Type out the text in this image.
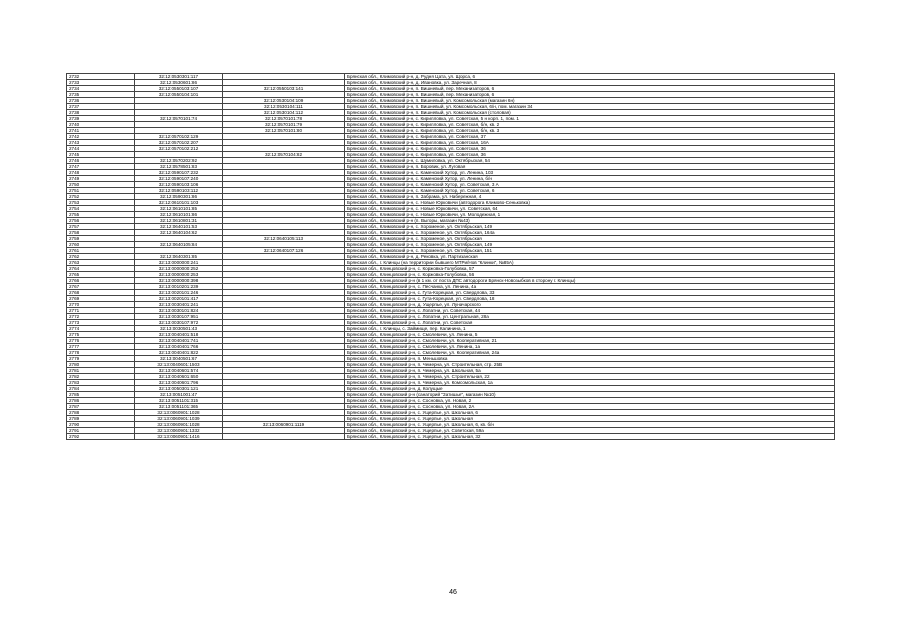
2732	32:12:0530301:117		Брянская обл., Климовский р-н, д. Рудня Цата, ул. Щорса, 6
2733	32:12:0530601:86		Брянская обл., Климовский р-н, д. Ивановка, ул. Заречная, 8
2734	32:12:0550103:107	32:12:0550103:141	Брянская обл., Климовский р-н, п. Вишневый, пер. Механизаторов, 6
2735	32:12:0550104:101		Брянская обл., Климовский р-н, п. Вишневый, пер. Механизаторов, 6
2736		32:12:0530104:109	Брянская обл., Климовский р-н, п. Вишневый, ул. Комсомольская (магазин 6н)
2737		32:12:0530104:111	Брянская обл., Климовский р-н, п. Вишневый, ул. Комсомольская, 6/н, пом. магазин 34
2738		32:12:0530104:112	Брянская обл., Климовский р-н, п. Вишневый, ул. Комсомольская (столовая)
2739	32:12:0570101:74	32:12:0570101:78	Брянская обл., Климовский р-н, с. Кирилловка, ул. Советская, 5 н корп. 1, пом. 1
2740		32:12:0570101:79	Брянская обл., Климовский р-н, с. Кирилловка, ул. Советская, б/н, кв. 2
2741		32:12:0570101:80	Брянская обл., Климовский р-н, с. Кирилловка, ул. Советская, б/н, кв. 3
2742	32:12:0570102:129		Брянская обл., Климовский р-н, с. Кирилловка, ул. Советская, 37
2743	32:12:0570102:207		Брянская обл., Климовский р-н, с. Кирилловка, ул. Советская, 16А
2744	32:12:0570102:212		Брянская обл., Климовский р-н, с. Кирилловка, ул. Советская, 36
2745		32:12:0570104:82	Брянская обл., Климовский р-н, с. Кирилловка, ул. Советская, 36
2746	32:12:0570202:92		Брянская обл., Климовский р-н, с. Шумиловка, ул. Октябрьская, 54
2747	32:12:0578501:83		Брянская обл., Климовский р-н, п. Боровик, ул. Луговая
2748	32:12:0590107:232		Брянская обл., Климовский р-н, с. Каменский Хутор, ул. Ленина, 103
2749	32:12:0590107:240		Брянская обл., Климовский р-н, с. Каменский Хутор, ул. Ленина, б/н
2750	32:12:0590103:106		Брянская обл., Климовский р-н, с. Каменский Хутор, ул. Советская, 3 А
2751	32:12:0590103:112		Брянская обл., Климовский р-н, с. Каменский Хутор, ул. Советская, 6
2752	32:12:0590301:86		Брянская обл., Климовский р-н, п. Забрама, ул. Набережная, 4
2753	32:12:0610101:103		Брянская обл., Климовский р-н, с. Новые Юрковичи (автодорога Климово-Сеньковка)
2754	32:12:0610101:85		Брянская обл., Климовский р-н, с. Новые Юрковичи, ул. Советская, 64
2755	32:12:0610101:86		Брянская обл., Климовский р-н, с. Новые Юрковичи, ул. Молодежная, 1
2756	32:12:0610801:31		Брянская обл., Климовский р-н (п. Выгоры, магазин №43)
2757	32:12:0640101:53		Брянская обл., Климовский р-н, с. Хороменое, ул. Октябрьская, 149
2758	32:12:0640104:62		Брянская обл., Климовский р-н, с. Хороменое, ул. Октябрьская, 164а
2759		32:12:0640105:113	Брянская обл., Климовский р-н, с. Хороменое, ул. Октябрьская
2760	32:12:0640105:84		Брянская обл., Климовский р-н, с. Хороменое, ул. Октябрьская, 149
2761		32:12:0640107:126	Брянская обл., Климовский р-н, с. Хороменое, ул. Октябрьская, 151
2762	32:12:0640301:85		Брянская обл., Климовский р-н, д. Рековка, ул. Партизанская
2763	32:13:0000000:241		Брянская обл., г. Клинцы (на территории бывшего МТРи/Нов "Клинки", №85А)
2764	32:13:0000000:252		Брянская обл., Клинцовский р-н, с. Коржовка-Голубовка, 57
2765	32:13:0000000:253		Брянская обл., Клинцовский р-н, с. Коржовка-Голубовка, 56
2766	32:13:0000000:398		Брянская обл., Клинцовский р-н (в 1 км. от поста ДПС автодороги Брянск-Новозыбков в сторону г. Клинцы)
2767	32:13:0010201:239		Брянская обл., Клинцовский р-н, с. Песчанка, ул. Ленина, 4а
2768	32:13:0020101:246		Брянская обл., Клинцовский р-н, с. Гута-Корецкая, ул. Свердлова, 33
2769	32:13:0020101:417		Брянская обл., Клинцовский р-н, с. Гута-Корецкая, ул. Свердлова, 18
2770	32:13:0030401:241		Брянская обл., Клинцовский р-н, д. Ущерпье, ул. Луначарского
2771	32:13:0030101:824		Брянская обл., Клинцовский р-н, с. Лопатни, ул. Советская, 44
2772	32:13:0030107:951		Брянская обл., Клинцовский р-н, с. Лопатни, ул. Центральная, 28а
2773	32:13:0030107:972		Брянская обл., Клинцовский р-н, с. Лопатни, ул. Советская
2774	32:13:0030501:43		Брянская обл., г. Клинцы, с. Займище, пер. Калинина, 1
2775	32:13:0040401:518		Брянская обл., Клинцовский р-н, с. Смолевичи, ул. Ленина, 5
2776	32:13:0040401:741		Брянская обл., Клинцовский р-н, с. Смолевичи, ул. Кооперативная, 21
2777	32:13:0040401:766		Брянская обл., Клинцовский р-н, с. Смолевичи, ул. Ленина, 1а
2778	32:13:0040401:822		Брянская обл., Клинцовский р-н, с. Смолевичи, ул. Кооперативная, 24а
2779	32:13:0040501:67		Брянская обл., Клинцовский р-н, п. Меньшовка
2780	32:13:0040601:1503		Брянская обл., Клинцовский р-н, п. Чемерна, ул. Строительная, стр. 25В
2781	32:13:0040601:574		Брянская обл., Клинцовский р-н, п. Чемерна, ул. Школьная, 5а
2782	32:13:0040601:650		Брянская обл., Клинцовский р-н, п. Чемерна, ул. Строительная, 22
2783	32:13:0040601:796		Брянская обл., Клинцовский р-н, п. Чемерна, ул. Комсомольская, 1а
2784	32:13:0050301:121		Брянская обл., Клинцовский р-н, д. Колущые
2785	32:13:0051001:47		Брянская обл., Клинцовский р-н (санаторий "Затишье", магазин №10)
2786	32:13:0051101:315		Брянская обл., Клинцовский р-н, с. Сосновка, ул. Новая, 2
2787	32:13:0051101:365		Брянская обл., Клинцовский р-н, с. Сосновка, ул. Новая, 2А
2788	32:13:0060901:1028		Брянская обл., Клинцовский р-н, с. Ущерпье, ул. Школьная, 6
2789	32:13:0060901:1039		Брянская обл., Клинцовский р-н, с. Ущерпье, ул. Школьная
2790	32:13:0060901:1028	32:13:0060901:1119	Брянская обл., Клинцовский р-н, с. Ущерпье, ул. Школьная, 6, кв. б/н
2791	32:13:0060901:1332		Брянская обл., Клинцовский р-н, с. Ущерпье, ул. Советская, 59а
2792	32:13:0060901:1416		Брянская обл., Клинцовский р-н, с. Ущерпье, ул. Школьная, 32
46
